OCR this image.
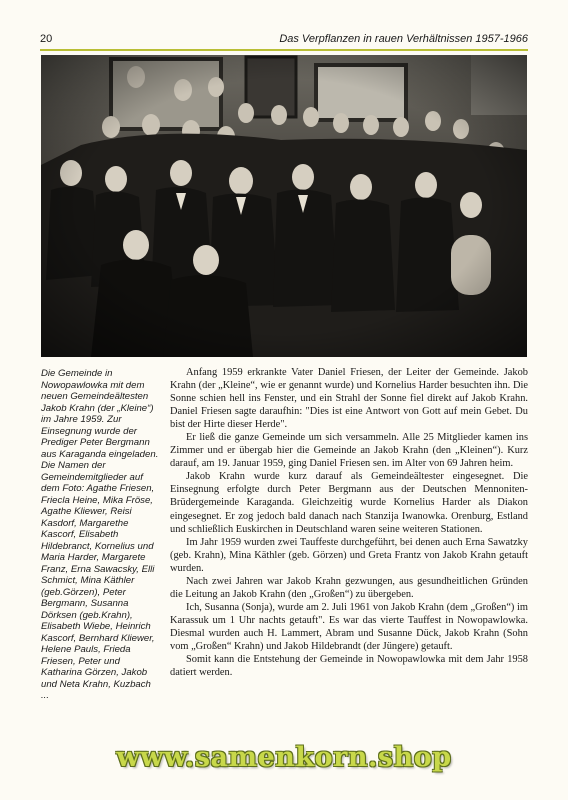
20	Das Verpflanzen in rauen Verhältnissen 1957-1966
Die Gemeinde in Nowopawlowka mit dem neuen Gemeindeältesten Jakob Krahn (der „Kleine“) im Jahre 1959. Zur Einsegnung wurde der Prediger Peter Bergmann aus Karaganda eingeladen. Die Namen der Gemeindemitglieder auf dem Foto: Agathe Friesen, Friecla Heine, Mika Fröse, Agathe Kliewer, Reisi Kasdorf, Margarethe Kascorf, Elisabeth Hildebranct, Kornelius und Maria Harder, Margarete Franz, Erna Sawacsky, Elli Schmict, Mina Käthler (geb.Görzen), Peter Bergmann, Susanna Dörksen (geb.Krahn), Elisabeth Wiebe, Heinrich Kascorf, Bernhard Kliewer, Helene Pauls, Frieda Friesen, Peter und Katharina Görzen, Jakob und Neta Krahn, Kuzbach ...

Anfang 1959 erkrankte Vater Daniel Friesen, der Leiter der Gemeinde. Jakob Krahn (der „Kleine“, wie er genannt wurde) und Kornelius Harder besuchten ihn. Die Sonne schien hell ins Fenster, und ein Strahl der Sonne fiel direkt auf Jakob Krahn. Daniel Friesen sagte daraufhin: "Dies ist eine Antwort von Gott auf mein Gebet. Du bist der Hirte dieser Herde".

Er ließ die ganze Gemeinde um sich versammeln. Alle 25 Mitglieder kamen ins Zimmer und er übergab hier die Gemeinde an Jakob Krahn (den „Kleinen“). Kurz darauf, am 19. Januar 1959, ging Daniel Friesen sen. im Alter von 69 Jahren heim.

Jakob Krahn wurde kurz darauf als Gemeindeältester eingesegnet. Die Einsegnung erfolgte durch Peter Bergmann aus der Deutschen Mennoniten-Brüdergemeinde Karaganda. Gleichzeitig wurde Kornelius Harder als Diakon eingesegnet. Er zog jedoch bald danach nach Stanzija Iwanowka. Orenburg, Estland und schließlich Euskirchen in Deutschland waren seine weiteren Stationen.

Im Jahr 1959 wurden zwei Tauffeste durchgeführt, bei denen auch Erna Sawatzky (geb. Krahn), Mina Käthler (geb. Görzen) und Greta Frantz von Jakob Krahn getauft wurden.

Nach zwei Jahren war Jakob Krahn gezwungen, aus gesundheitlichen Gründen die Leitung an Jakob Krahn (den „Großen“) zu übergeben.

Ich, Susanna (Sonja), wurde am 2. Juli 1961 von Jakob Krahn (dem „Großen“) im Karassuk um 1 Uhr nachts getauft". Es war das vierte Tauffest in Nowopawlowka. Diesmal wurden auch H. Lammert, Abram und Susanne Dück, Jakob Krahn (Sohn vom „Großen“ Krahn) und Jakob Hildebrandt (der Jüngere) getauft.

Somit kann die Entstehung der Gemeinde in Nowopawlowka mit dem Jahr 1958 datiert werden.

www.samenkorn.shop
